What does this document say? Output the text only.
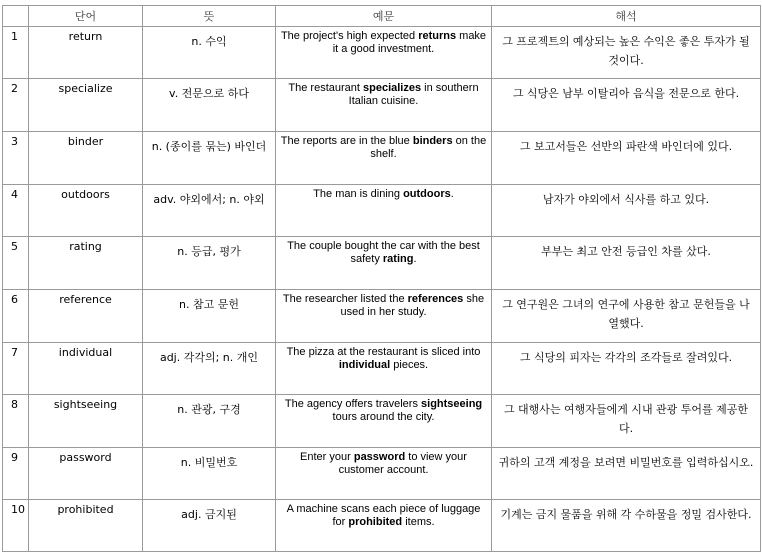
	단어	뜻	예문	해석
1	return	n. 수익	The project's high expected returns make it a good investment.	그 프로젝트의 예상되는 높은 수익은 좋은 투자가 될 것이다.
2	specialize	v. 전문으로 하다	The restaurant specializes in southern Italian cuisine.	그 식당은 남부 이탈리아 음식을 전문으로 한다.
3	binder	n. (종이를 묶는) 바인더	The reports are in the blue binders on the shelf.	그 보고서들은 선반의 파란색 바인더에 있다.
4	outdoors	adv. 야외에서; n. 야외	The man is dining outdoors.	남자가 야외에서 식사를 하고 있다.
5	rating	n. 등급, 평가	The couple bought the car with the best safety rating.	부부는 최고 안전 등급인 차를 샀다.
6	reference	n. 참고 문헌	The researcher listed the references she used in her study.	그 연구원은 그녀의 연구에 사용한 참고 문헌들을 나열했다.
7	individual	adj. 각각의; n. 개인	The pizza at the restaurant is sliced into individual pieces.	그 식당의 피자는 각각의 조각들로 잘려있다.
8	sightseeing	n. 관광, 구경	The agency offers travelers sightseeing tours around the city.	그 대행사는 여행자들에게 시내 관광 투어를 제공한다.
9	password	n. 비밀번호	Enter your password to view your customer account.	귀하의 고객 계정을 보려면 비밀번호를 입력하십시오.
10	prohibited	adj. 금지된	A machine scans each piece of luggage for prohibited items.	기계는 금지 물품을 위해 각 수하물을 정밀 검사한다.
